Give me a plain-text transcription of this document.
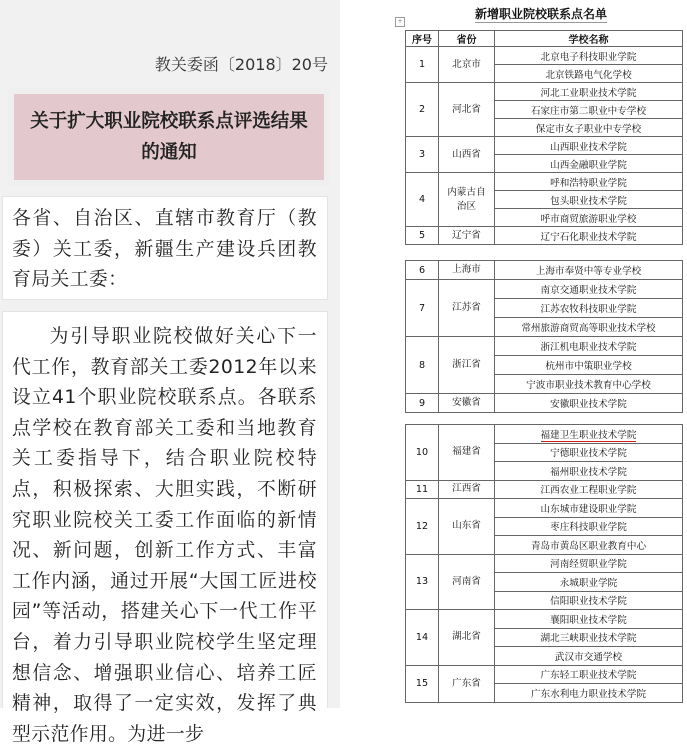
教关委函〔2018〕20号
关于扩大职业院校联系点评选结果的通知

各省、自治区、直辖市教育厅（教委）关工委，新疆生产建设兵团教育局关工委：

为引导职业院校做好关心下一代工作，教育部关工委2012年以来设立41个职业院校联系点。各联系点学校在教育部关工委和当地教育关工委指导下，结合职业院校特点，积极探索、大胆实践，不断研究职业院校关工委工作面临的新情况、新问题，创新工作方式、丰富工作内涵，通过开展“大国工匠进校园”等活动，搭建关心下一代工作平台，着力引导职业院校学生坚定理想信念、增强职业信心、培养工匠精神，取得了一定实效，发挥了典型示范作用。为进一步

+
新增职业院校联系点名单
序号	省份	学校名称
1	北京市	北京电子科技职业学院
		北京铁路电气化学校
2	河北省	河北工业职业技术学院
		石家庄市第二职业中专学校
		保定市女子职业中专学校
3	山西省	山西职业技术学院
		山西金融职业学院
4	内蒙古自治区	呼和浩特职业学院
		包头职业技术学院
		呼市商贸旅游职业学校
5	辽宁省	辽宁石化职业技术学院
6	上海市	上海市奉贤中等专业学校
7	江苏省	南京交通职业技术学院
		江苏农牧科技职业学院
		常州旅游商贸高等职业技术学校
8	浙江省	浙江机电职业技术学院
		杭州市中策职业学校
		宁波市职业技术教育中心学校
9	安徽省	安徽职业技术学院
10	福建省	福建卫生职业技术学院
		宁德职业技术学院
		福州职业技术学院
11	江西省	江西农业工程职业学院
12	山东省	山东城市建设职业学院
		枣庄科技职业学院
		青岛市黄岛区职业教育中心
13	河南省	河南经贸职业学院
		永城职业学院
		信阳职业技术学院
14	湖北省	襄阳职业技术学院
		湖北三峡职业技术学院
		武汉市交通学校
15	广东省	广东轻工职业技术学院
		广东水利电力职业技术学院
